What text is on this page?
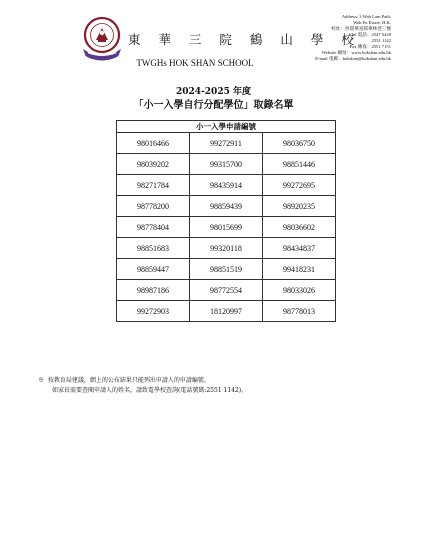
東 華 三 院 鶴 山 學 校
TWGHs HOK SHAN SCHOOL
Address: 3 Wah Lam Path,
Wah Fu Estate, H.K.
校址：西環華富邨華林徑三號
Tel 電話：2547 5428
2551 1142
Fax 傳真：2551 7151
Website 網址：www.hokshan.edu.hk
E-mail 電郵：hokshan@hokshan.edu.hk
2024-2025 年度
「小一入學自行分配學位」取錄名單
小一入學申請編號		
98016466	99272911	98036750
98039202	99315700	98851446
98271784	98435914	99272695
98778200	98859439	98920235
98778404	98015699	98036602
98851683	99320118	98434837
98859447	98851519	99418231
98987186	98772554	98033026
99272903	18120997	98778013
※ 按教育局建議，網上的公布結果只能列出申請人的申請編號。
如家長需要查閱申請人的姓名，請致電學校查詢(電話號碼:2551 1142)。
